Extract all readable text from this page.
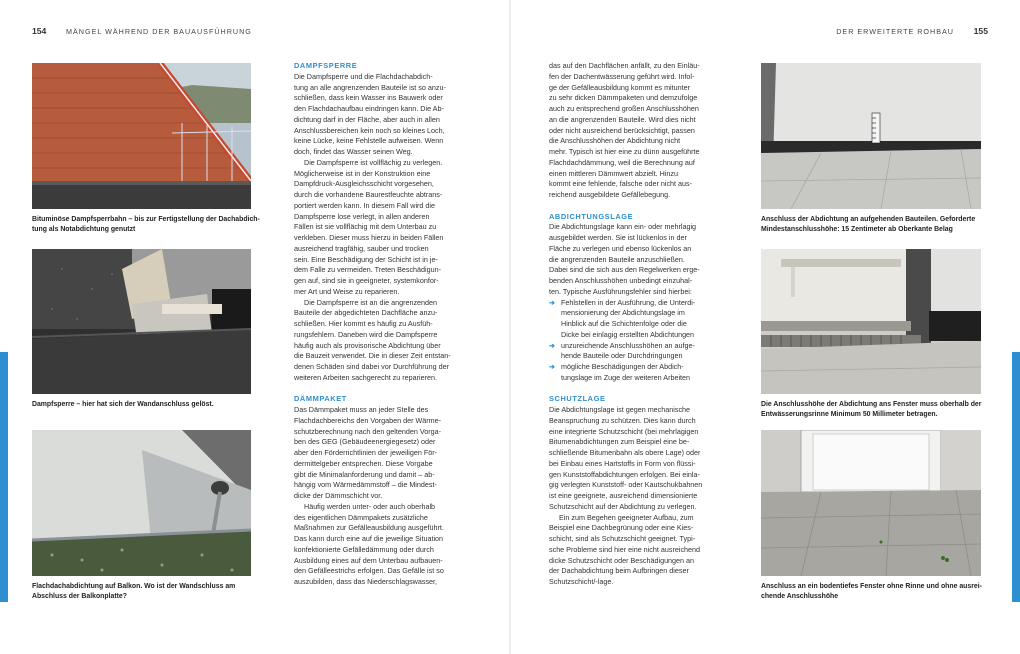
154	MÄNGEL WÄHREND DER BAUAUSFÜHRUNG	DER ERWEITERTE ROHBAU 155
Bituminöse Dampfsperrbahn – bis zur Fertigstellung der Dachabdich-
tung als Notabdichtung genutzt
Dampfsperre – hier hat sich der Wandanschluss gelöst.
Flachdachabdichtung auf Balkon. Wo ist der Wandschluss am
Abschluss der Balkonplatte?
DAMPFSPERRE
Die Dampfsperre und die Flachdachabdich-
tung an alle angrenzenden Bauteile ist so anzu-
schließen, dass kein Wasser ins Bauwerk oder
den Flachdachaufbau eindringen kann. Die Ab-
dichtung darf in der Fläche, aber auch in allen
Anschlussbereichen kein noch so kleines Loch,
keine Lücke, keine Fehlstelle aufweisen. Wenn
doch, findet das Wasser seinen Weg.
Die Dampfsperre ist vollflächig zu verlegen.
Möglicherweise ist in der Konstruktion eine
Dampfdruck-Ausgleichsschicht vorgesehen,
durch die vorhandene Baurestfeuchte abtrans-
portiert werden kann. In diesem Fall wird die
Dampfsperre lose verlegt, in allen anderen
Fällen ist sie vollflächig mit dem Unterbau zu
verkleben. Dieser muss hierzu in beiden Fällen
ausreichend tragfähig, sauber und trocken
sein. Eine Beschädigung der Schicht ist in je-
dem Falle zu vermeiden. Treten Beschädigun-
gen auf, sind sie in geeigneter, systemkonfor-
mer Art und Weise zu reparieren.
Die Dampfsperre ist an die angrenzenden
Bauteile der abgedichteten Dachfläche anzu-
schließen. Hier kommt es häufig zu Ausfüh-
rungsfehlern. Daneben wird die Dampfsperre
häufig auch als provisorische Abdichtung über
die Bauzeit verwendet. Die in dieser Zeit entstan-
denen Schäden sind dabei vor Durchführung der
weiteren Arbeiten sachgerecht zu reparieren.
DÄMMPAKET
Das Dämmpaket muss an jeder Stelle des
Flachdachbereichs den Vorgaben der Wärme-
schutzberechnung nach den geltenden Vorga-
ben des GEG (Gebäudeenergiegesetz) oder
aber den Förderrichtlinien der jeweiligen För-
dermittelgeber entsprechen. Diese Vorgabe
gibt die Minimalanforderung und damit – ab-
hängig vom Wärmedämmstoff – die Mindest-
dicke der Dämmschicht vor.
Häufig werden unter- oder auch oberhalb
des eigentlichen Dämmpakets zusätzliche
Maßnahmen zur Gefälleausbildung ausgeführt.
Das kann durch eine auf die jeweilige Situation
konfektionierte Gefälledämmung oder durch
Ausbildung eines auf dem Unterbau aufbauen-
den Gefälleestrichs erfolgen. Das Gefälle ist so
auszubilden, dass das Niederschlagswasser,
das auf den Dachflächen anfällt, zu den Einläu-
fen der Dachentwässerung geführt wird. Infol-
ge der Gefälleausbildung kommt es mitunter
zu sehr dicken Dämmpaketen und demzufolge
auch zu entsprechend großen Anschlusshöhen
an die angrenzenden Bauteile. Wird dies nicht
oder nicht ausreichend berücksichtigt, passen
die Anschlusshöhen der Abdichtung nicht
mehr. Typisch ist hier eine zu dünn ausgeführte
Flachdachdämmung, weil die Berechnung auf
einen mittleren Dämmwert abzielt. Hinzu
kommt eine fehlende, falsche oder nicht aus-
reichend ausgebildete Gefällebegung.
ABDICHTUNGSLAGE
Die Abdichtungslage kann ein- oder mehrlagig
ausgebildet werden. Sie ist lückenlos in der
Fläche zu verlegen und ebenso lückenlos an
die angrenzenden Bauteile anzuschließen.
Dabei sind die sich aus den Regelwerken erge-
benden Anschlusshöhen unbedingt einzuhal-
ten. Typische Ausführungsfehler sind hierbei:
➔ Fehlstellen in der Ausführung, die Unterdi-
mensionierung der Abdichtungslage im
Hinblick auf die Schichtenfolge oder die
Dicke bei einlagig erstellten Abdichtungen
➔ unzureichende Anschlusshöhen an aufge-
hende Bauteile oder Durchdringungen
➔ mögliche Beschädigungen der Abdich-
tungslage im Zuge der weiteren Arbeiten
SCHUTZLAGE
Die Abdichtungslage ist gegen mechanische
Beanspruchung zu schützen. Dies kann durch
eine integrierte Schutzschicht (bei mehrlagigen
Bitumenabdichtungen zum Beispiel eine be-
schließende Bitumenbahn als obere Lage) oder
bei Einbau eines Hartstoffs in Form von flüssi-
gen Kunststoffabdichtungen erfolgen. Bei einla-
gig verlegten Kunststoff- oder Kautschukbahnen
ist eine geeignete, ausreichend dimensionierte
Schutzschicht auf der Abdichtung zu verlegen.
Ein zum Begehen geeigneter Aufbau, zum
Beispiel eine Dachbegrünung oder eine Kies-
schicht, sind als Schutzschicht geeignet. Typi-
sche Probleme sind hier eine nicht ausreichend
dicke Schutzschicht oder Beschädigungen an
der Dachabdichtung beim Aufbringen dieser
Schutzschicht/-lage.
Anschluss der Abdichtung an aufgehenden Bauteilen. Geforderte
Mindestanschlusshöhe: 15 Zentimeter ab Oberkante Belag
Die Anschlusshöhe der Abdichtung ans Fenster muss oberhalb der
Entwässerungsrinne Minimum 50 Millimeter betragen.
Anschluss an ein bodentiefes Fenster ohne Rinne und ohne ausrei-
chende Anschlusshöhe
